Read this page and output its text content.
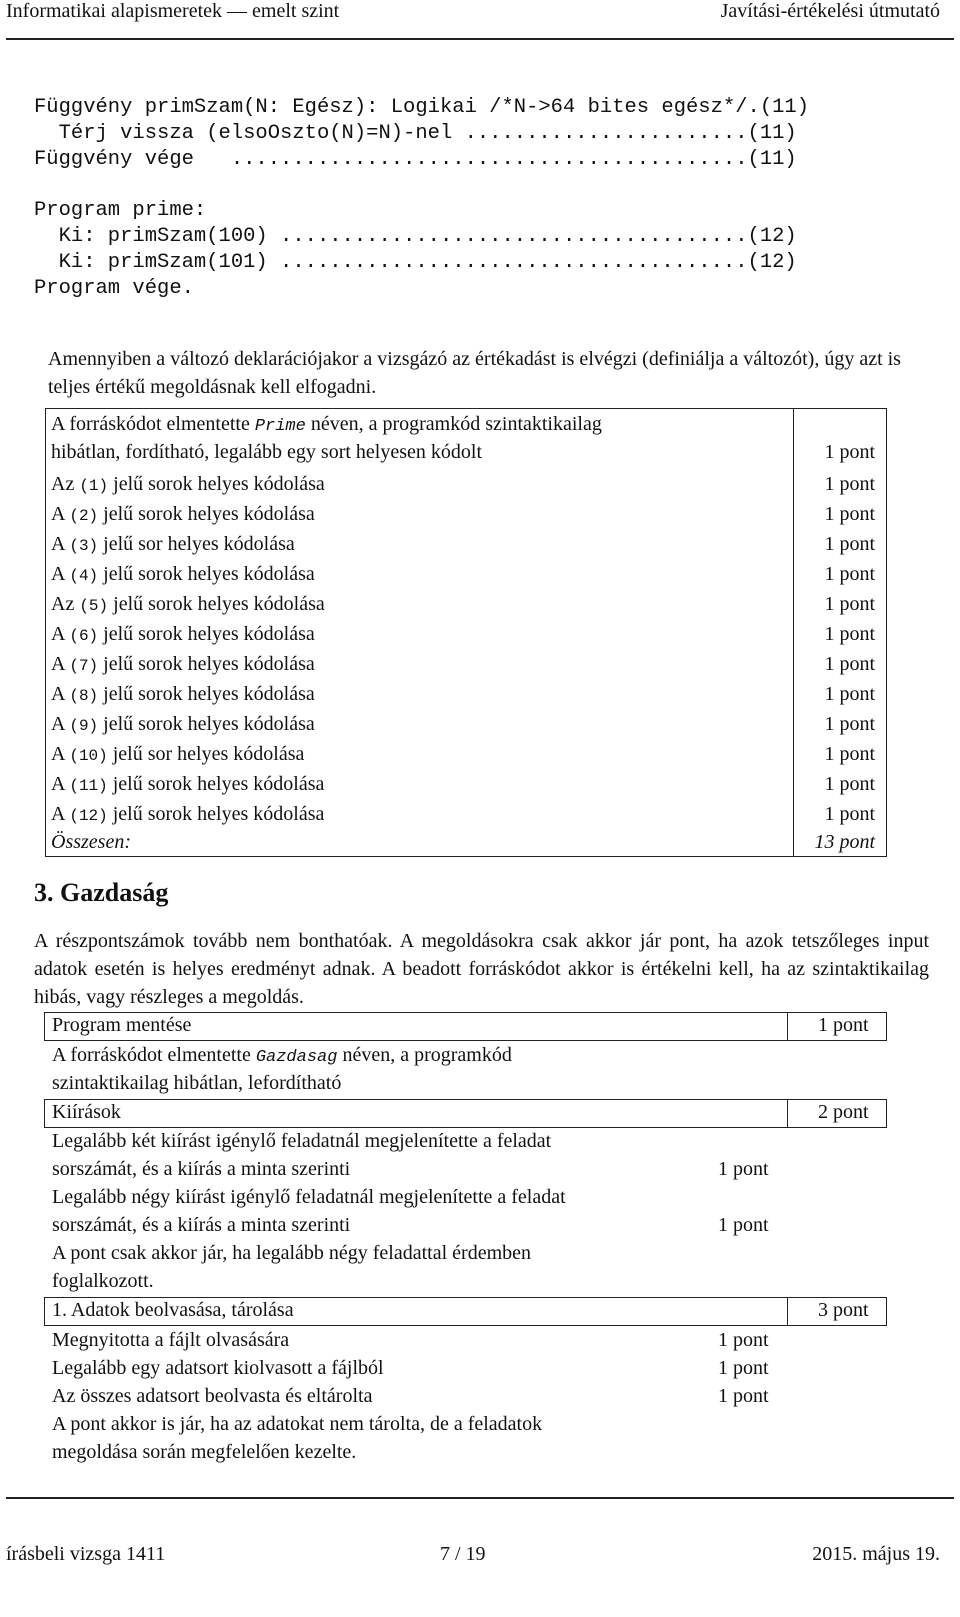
Informatikai alapismeretek — emelt szint	Javítási-értékelési útmutató
Függvény primSzam(N: Egész): Logikai /*N->64 bites egész*/.(11)
Térj vissza (elsoOszto(N)=N)-nel .......................(11)
Függvény vége   ..........................................(11)

Program prime:
Ki: primSzam(100) ......................................(12)
Ki: primSzam(101) ......................................(12)
Program vége.

Amennyiben a változó deklarációjakor a vizsgázó az értékadást is elvégzi (definiálja a változót), úgy azt is teljes értékű megoldásnak kell elfogadni.
A forráskódot elmentette Prime néven, a programkód szintaktikailag
hibátlan, fordítható, legalább egy sort helyesen kódolt	1 pont
Az (1) jelű sorok helyes kódolása	1 pont
A (2) jelű sorok helyes kódolása	1 pont
A (3) jelű sor helyes kódolása	1 pont
A (4) jelű sorok helyes kódolása	1 pont
Az (5) jelű sorok helyes kódolása	1 pont
A (6) jelű sorok helyes kódolása	1 pont
A (7) jelű sorok helyes kódolása	1 pont
A (8) jelű sorok helyes kódolása	1 pont
A (9) jelű sorok helyes kódolása	1 pont
A (10) jelű sor helyes kódolása	1 pont
A (11) jelű sorok helyes kódolása	1 pont
A (12) jelű sorok helyes kódolása	1 pont
Összesen:	13 pont
3. Gazdaság
A részpontszámok tovább nem bonthatóak. A megoldásokra csak akkor jár pont, ha azok tetszőleges input adatok esetén is helyes eredményt adnak. A beadott forráskódot akkor is értékelni kell, ha az szintaktikailag hibás, vagy részleges a megoldás.
Program mentése	1 pont
A forráskódot elmentette Gazdasag néven, a programkód
szintaktikailag hibátlan, lefordítható
Kiírások	2 pont
Legalább két kiírást igénylő feladatnál megjelenítette a feladat
sorszámát, és a kiírás a minta szerinti	1 pont
Legalább négy kiírást igénylő feladatnál megjelenítette a feladat
sorszámát, és a kiírás a minta szerinti	1 pont
A pont csak akkor jár, ha legalább négy feladattal érdemben
foglalkozott.
1. Adatok beolvasása, tárolása	3 pont
Megnyitotta a fájlt olvasására	1 pont
Legalább egy adatsort kiolvasott a fájlból	1 pont
Az összes adatsort beolvasta és eltárolta	1 pont
A pont akkor is jár, ha az adatokat nem tárolta, de a feladatok
megoldása során megfelelően kezelte.
írásbeli vizsga 1411	7 / 19	2015. május 19.
